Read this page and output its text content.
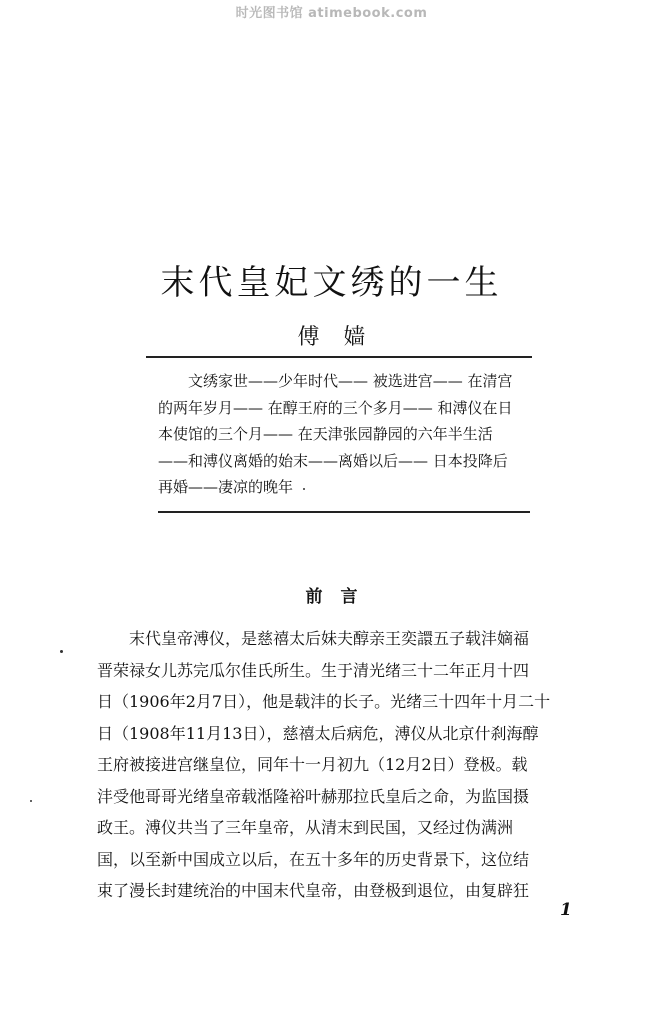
时光图书馆 atimebook.com
末代皇妃文绣的一生
傅嫱
文绣家世——少年时代—— 被选进宫—— 在清宫
的两年岁月—— 在醇王府的三个多月—— 和溥仪在日
本使馆的三个月—— 在天津张园静园的六年半生活
——和溥仪离婚的始末——离婚以后—— 日本投降后
再婚——凄凉的晚年
前言
末代皇帝溥仪，是慈禧太后妹夫醇亲王奕譞五子载沣嫡福
晋荣禄女儿苏完瓜尔佳氏所生。生于清光绪三十二年正月十四
日（1906年2月7日），他是载沣的长子。光绪三十四年十月二十
日（1908年11月13日），慈禧太后病危，溥仪从北京什刹海醇
王府被接进宫继皇位，同年十一月初九（12月2日）登极。载
沣受他哥哥光绪皇帝载湉隆裕叶赫那拉氏皇后之命，为监国摄
政王。溥仪共当了三年皇帝，从清末到民国，又经过伪满洲
国，以至新中国成立以后，在五十多年的历史背景下，这位结
束了漫长封建统治的中国末代皇帝，由登极到退位，由复辟狂
1
